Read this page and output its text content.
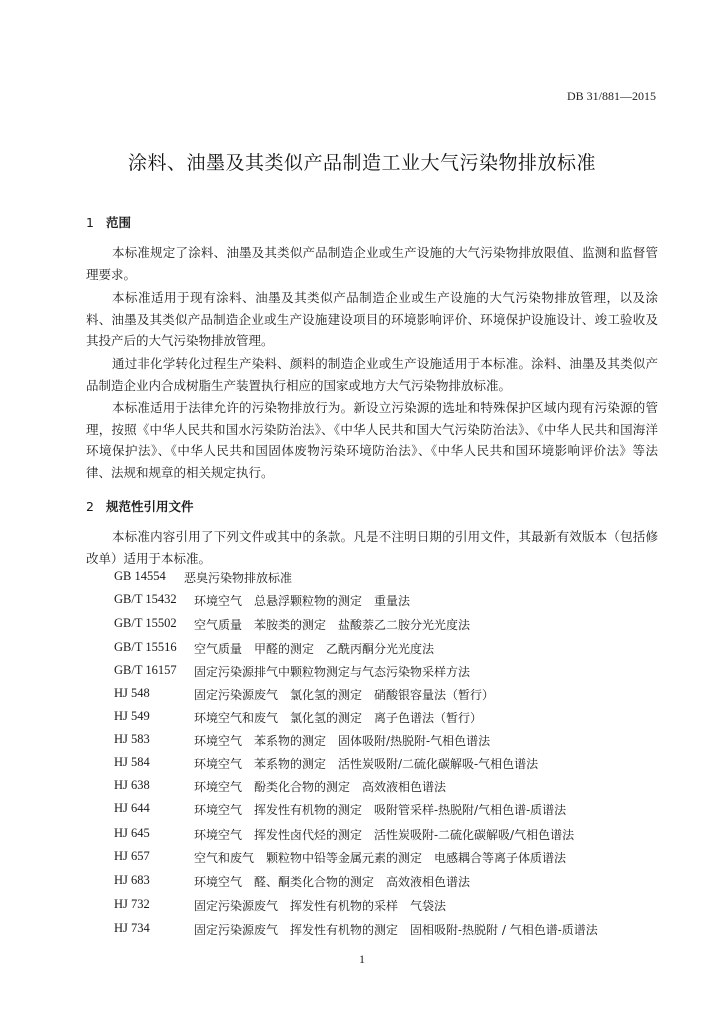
DB 31/881—2015
涂料、油墨及其类似产品制造工业大气污染物排放标准
1 范围

本标准规定了涂料、油墨及其类似产品制造企业或生产设施的大气污染物排放限值、监测和监督管理要求。

本标准适用于现有涂料、油墨及其类似产品制造企业或生产设施的大气污染物排放管理，以及涂料、油墨及其类似产品制造企业或生产设施建设项目的环境影响评价、环境保护设施设计、竣工验收及其投产后的大气污染物排放管理。

通过非化学转化过程生产染料、颜料的制造企业或生产设施适用于本标准。涂料、油墨及其类似产品制造企业内合成树脂生产装置执行相应的国家或地方大气污染物排放标准。

本标准适用于法律允许的污染物排放行为。新设立污染源的选址和特殊保护区域内现有污染源的管理，按照《中华人民共和国水污染防治法》、《中华人民共和国大气污染防治法》、《中华人民共和国海洋环境保护法》、《中华人民共和国固体废物污染环境防治法》、《中华人民共和国环境影响评价法》等法律、法规和规章的相关规定执行。

2 规范性引用文件

本标准内容引用了下列文件或其中的条款。凡是不注明日期的引用文件，其最新有效版本（包括修改单）适用于本标准。

GB 14554 恶臭污染物排放标准
GB/T 15432 环境空气　总悬浮颗粒物的测定　重量法
GB/T 15502 空气质量　苯胺类的测定　盐酸萘乙二胺分光光度法
GB/T 15516 空气质量　甲醛的测定　乙酰丙酮分光光度法
GB/T 16157 固定污染源排气中颗粒物测定与气态污染物采样方法
HJ 548	固定污染源废气　氯化氢的测定　硝酸银容量法（暂行）
HJ 549	环境空气和废气　氯化氢的测定　离子色谱法（暂行）
HJ 583	环境空气　苯系物的测定　固体吸附/热脱附-气相色谱法
HJ 584	环境空气　苯系物的测定　活性炭吸附/二硫化碳解吸-气相色谱法
HJ 638	环境空气　酚类化合物的测定　高效液相色谱法
HJ 644	环境空气　挥发性有机物的测定　吸附管采样-热脱附/气相色谱-质谱法
HJ 645	环境空气　挥发性卤代烃的测定　活性炭吸附-二硫化碳解吸/气相色谱法
HJ 657	空气和废气　颗粒物中铅等金属元素的测定　电感耦合等离子体质谱法
HJ 683	环境空气　醛、酮类化合物的测定　高效液相色谱法
HJ 732	固定污染源废气　挥发性有机物的采样　气袋法
HJ 734	固定污染源废气　挥发性有机物的测定　固相吸附-热脱附 / 气相色谱-质谱法
1
